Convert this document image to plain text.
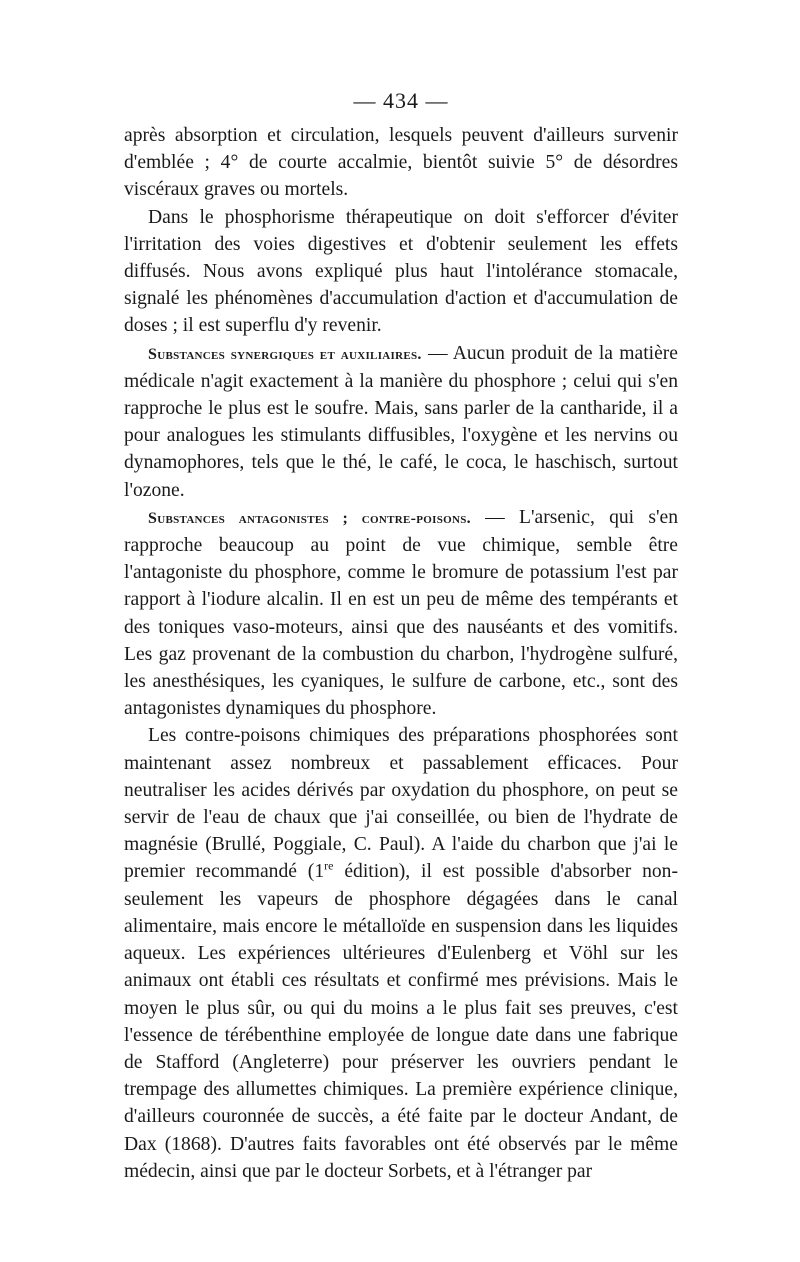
— 434 —

après absorption et circulation, lesquels peuvent d'ailleurs survenir d'emblée ; 4° de courte accalmie, bientôt suivie 5° de désordres viscéraux graves ou mortels.

Dans le phosphorisme thérapeutique on doit s'efforcer d'éviter l'irritation des voies digestives et d'obtenir seulement les effets diffusés. Nous avons expliqué plus haut l'intolérance stomacale, signalé les phénomènes d'accumulation d'action et d'accumulation de doses ; il est superflu d'y revenir.

Substances synergiques et auxiliaires. — Aucun produit de la matière médicale n'agit exactement à la manière du phosphore ; celui qui s'en rapproche le plus est le soufre. Mais, sans parler de la cantharide, il a pour analogues les stimulants diffusibles, l'oxygène et les nervins ou dynamophores, tels que le thé, le café, le coca, le haschisch, surtout l'ozone.

Substances antagonistes ; contre-poisons. — L'arsenic, qui s'en rapproche beaucoup au point de vue chimique, semble être l'antagoniste du phosphore, comme le bromure de potassium l'est par rapport à l'iodure alcalin. Il en est un peu de même des tempérants et des toniques vaso-moteurs, ainsi que des nauséants et des vomitifs. Les gaz provenant de la combustion du charbon, l'hydrogène sulfuré, les anesthésiques, les cyaniques, le sulfure de carbone, etc., sont des antagonistes dynamiques du phosphore.

Les contre-poisons chimiques des préparations phosphorées sont maintenant assez nombreux et passablement efficaces. Pour neutraliser les acides dérivés par oxydation du phosphore, on peut se servir de l'eau de chaux que j'ai conseillée, ou bien de l'hydrate de magnésie (Brullé, Poggiale, C. Paul). A l'aide du charbon que j'ai le premier recommandé (1re édition), il est possible d'absorber non-seulement les vapeurs de phosphore dégagées dans le canal alimentaire, mais encore le métalloïde en suspension dans les liquides aqueux. Les expériences ultérieures d'Eulenberg et Vöhl sur les animaux ont établi ces résultats et confirmé mes prévisions. Mais le moyen le plus sûr, ou qui du moins a le plus fait ses preuves, c'est l'essence de térébenthine employée de longue date dans une fabrique de Stafford (Angleterre) pour préserver les ouvriers pendant le trempage des allumettes chimiques. La première expérience clinique, d'ailleurs couronnée de succès, a été faite par le docteur Andant, de Dax (1868). D'autres faits favorables ont été observés par le même médecin, ainsi que par le docteur Sorbets, et à l'étranger par
